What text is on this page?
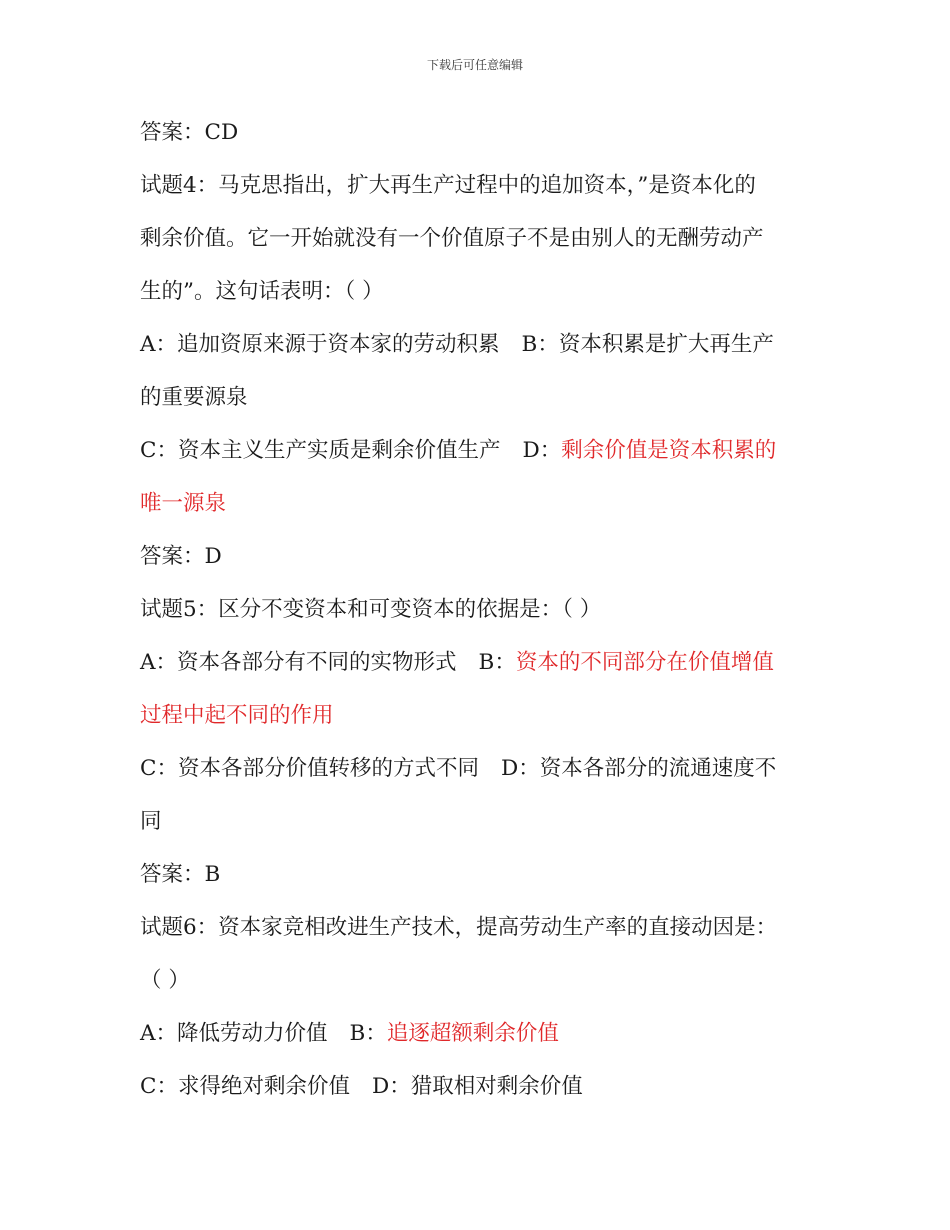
下载后可任意编辑
答案：CD
试题4：马克思指出，扩大再生产过程中的追加资本，”是资本化的
剩余价值。它一开始就没有一个价值原子不是由别人的无酬劳动产
生的”。这句话表明：（ ）
A：追加资原来源于资本家的劳动积累 B：资本积累是扩大再生产
的重要源泉
C：资本主义生产实质是剩余价值生产 D：剩余价值是资本积累的
唯一源泉
答案：D
试题5：区分不变资本和可变资本的依据是：（ ）
A：资本各部分有不同的实物形式 B：资本的不同部分在价值增值
过程中起不同的作用
C：资本各部分价值转移的方式不同 D：资本各部分的流通速度不
同
答案：B
试题6：资本家竞相改进生产技术，提高劳动生产率的直接动因是：
（ ）
A：降低劳动力价值 B：追逐超额剩余价值
C：求得绝对剩余价值 D：猎取相对剩余价值
